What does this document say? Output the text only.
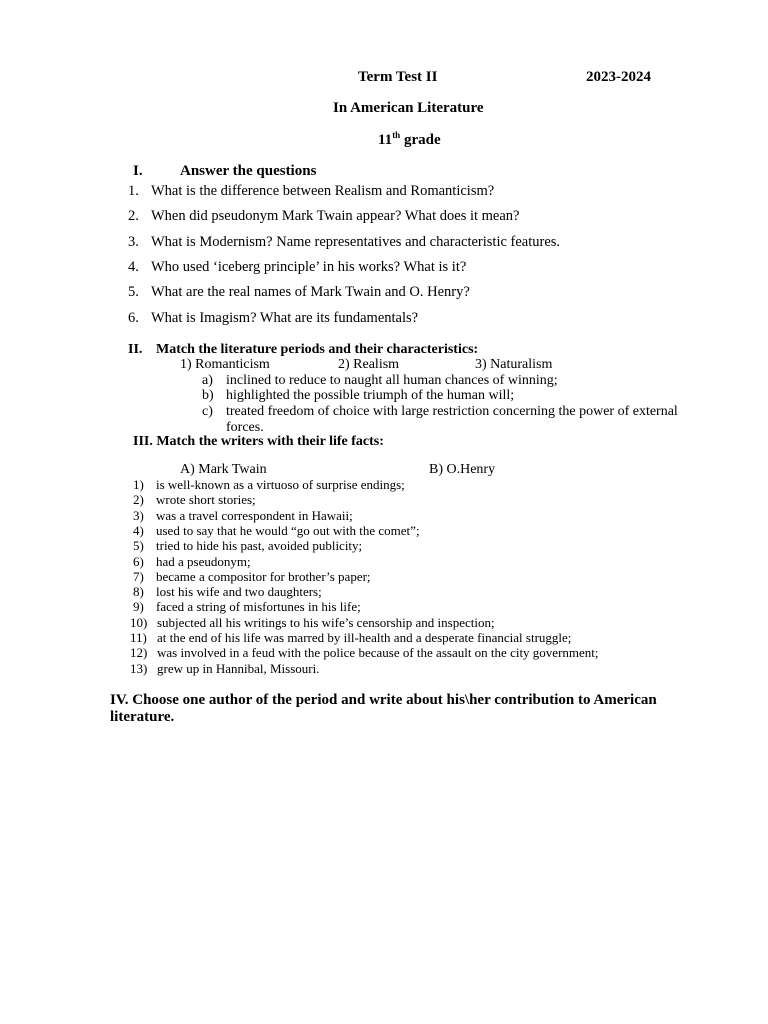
Term Test II	2023-2024
In American Literature
11th grade
I. Answer the questions
1. What is the difference between Realism and Romanticism?
2. When did pseudonym Mark Twain appear? What does it mean?
3. What is Modernism? Name representatives and characteristic features.
4. Who used ‘iceberg principle’ in his works? What is it?
5. What are the real names of Mark Twain and O. Henry?
6. What is Imagism? What are its fundamentals?
II. Match the literature periods and their characteristics:
1) Romanticism	2) Realism	3) Naturalism
a) inclined to reduce to naught all human chances of winning;
b) highlighted the possible triumph of the human will;
c) treated freedom of choice with large restriction concerning the power of external forces.
III. Match the writers with their life facts:
A) Mark Twain	B) O.Henry
1) is well-known as a virtuoso of surprise endings;
2) wrote short stories;
3) was a travel correspondent in Hawaii;
4) used to say that he would “go out with the comet”;
5) tried to hide his past, avoided publicity;
6) had a pseudonym;
7) became a compositor for brother’s paper;
8) lost his wife and two daughters;
9) faced a string of misfortunes in his life;
10) subjected all his writings to his wife’s censorship and inspection;
11) at the end of his life was marred by ill-health and a desperate financial struggle;
12) was involved in a feud with the police because of the assault on the city government;
13) grew up in Hannibal, Missouri.
IV. Choose one author of the period and write about his\her contribution to American literature.
